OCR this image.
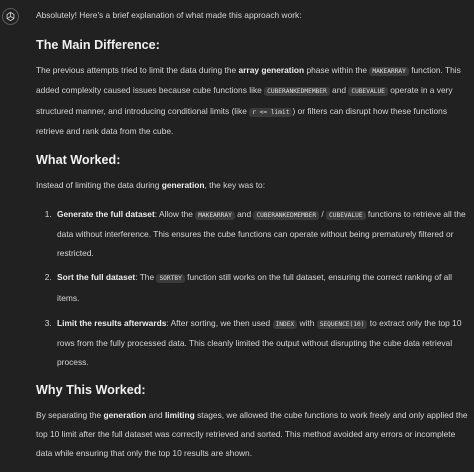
Absolutely! Here's a brief explanation of what made this approach work:

The Main Difference:

The previous attempts tried to limit the data during the array generation phase within the MAKEARRAY function. This added complexity caused issues because cube functions like CUBERANKEDMEMBER and CUBEVALUE operate in a very structured manner, and introducing conditional limits (like r <= limit ) or filters can disrupt how these functions retrieve and rank data from the cube.

What Worked:

Instead of limiting the data during generation, the key was to:

1. Generate the full dataset: Allow the MAKEARRAY and CUBERANKEDMEMBER / CUBEVALUE functions to retrieve all the data without interference. This ensures the cube functions can operate without being prematurely filtered or restricted.
2. Sort the full dataset: The SORTBY function still works on the full dataset, ensuring the correct ranking of all items.
3. Limit the results afterwards: After sorting, we then used INDEX with SEQUENCE(10) to extract only the top 10 rows from the fully processed data. This cleanly limited the output without disrupting the cube data retrieval process.
Why This Worked:

By separating the generation and limiting stages, we allowed the cube functions to work freely and only applied the top 10 limit after the full dataset was correctly retrieved and sorted. This method avoided any errors or incomplete data while ensuring that only the top 10 results are shown.
